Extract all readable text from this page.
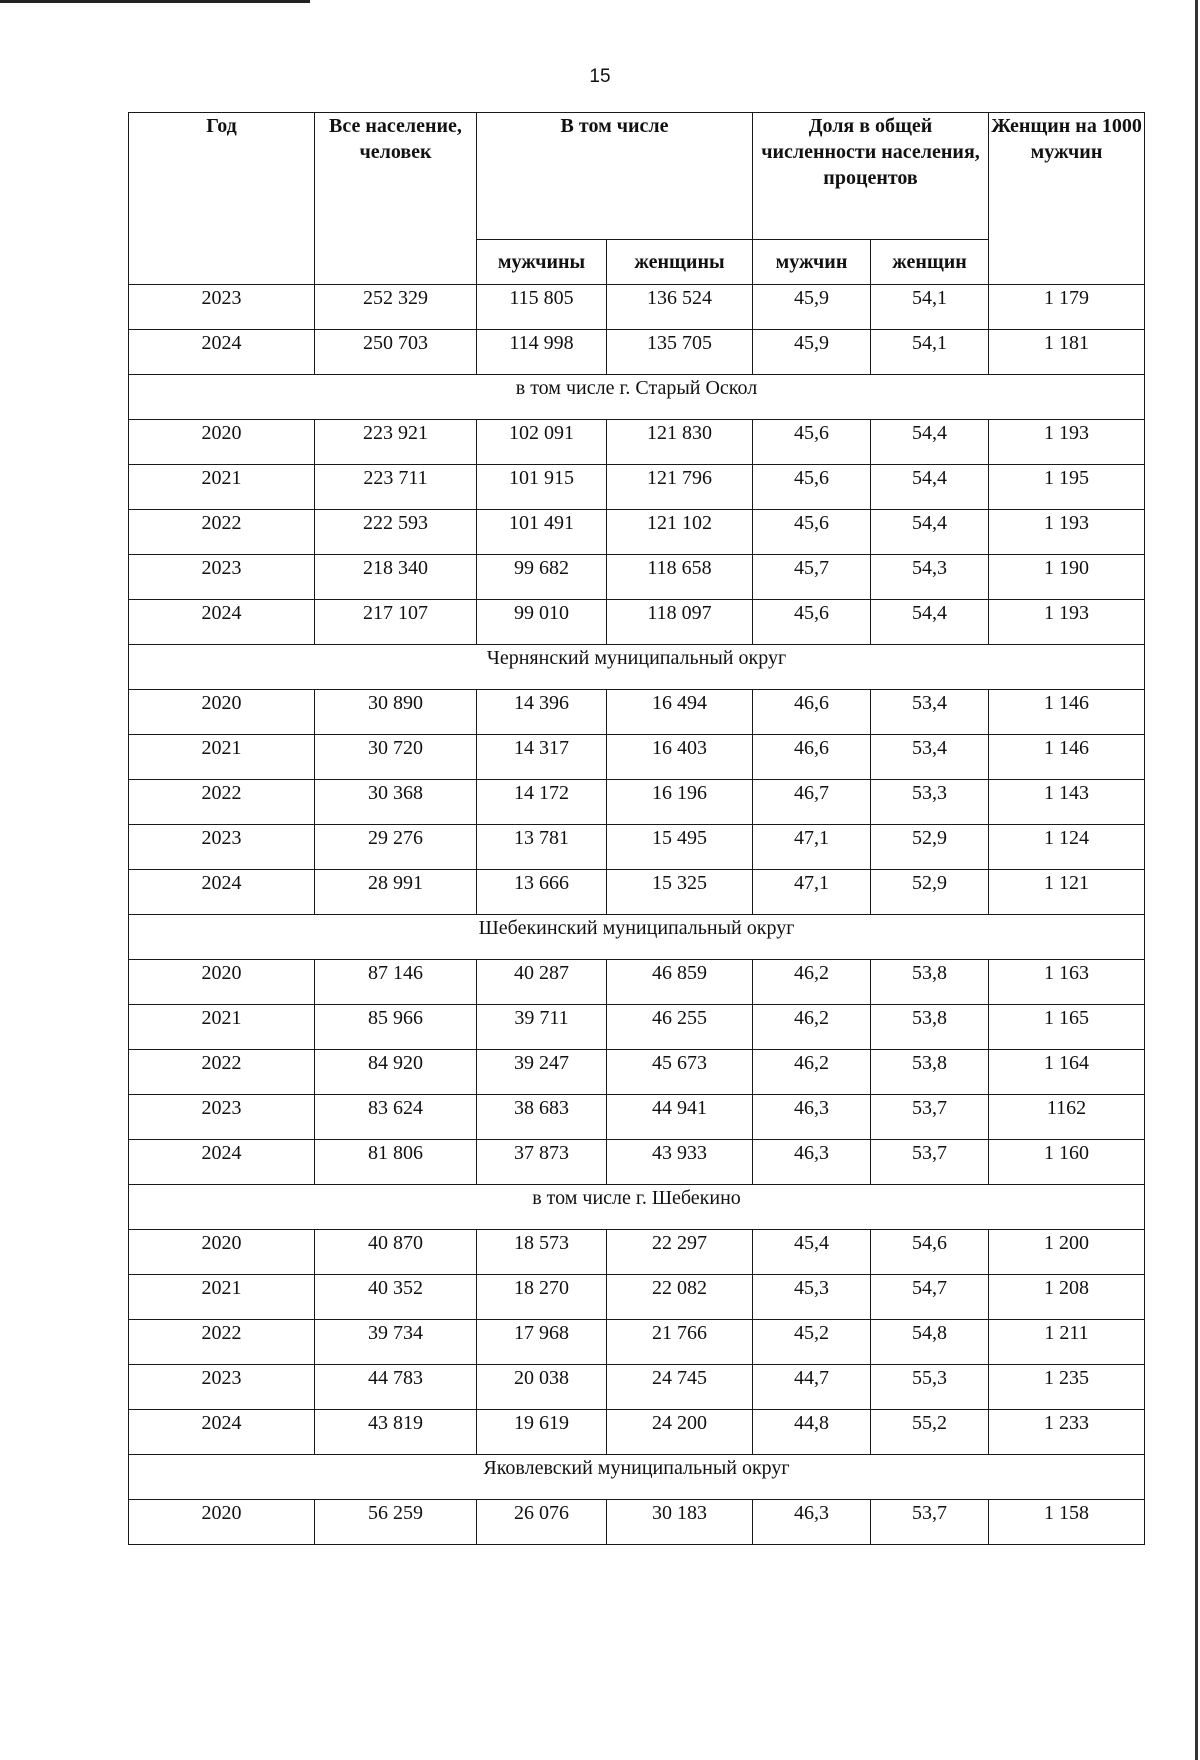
15
Год	Все население, человек	В том числе		Доля в общей численности населения, процентов		Женщин на 1000 мужчин
		мужчины	женщины	мужчин	женщин	
2023	252 329	115 805	136 524	45,9	54,1	1 179
2024	250 703	114 998	135 705	45,9	54,1	1 181
в том числе г. Старый Оскол						
2020	223 921	102 091	121 830	45,6	54,4	1 193
2021	223 711	101 915	121 796	45,6	54,4	1 195
2022	222 593	101 491	121 102	45,6	54,4	1 193
2023	218 340	99 682	118 658	45,7	54,3	1 190
2024	217 107	99 010	118 097	45,6	54,4	1 193
Чернянский муниципальный округ						
2020	30 890	14 396	16 494	46,6	53,4	1 146
2021	30 720	14 317	16 403	46,6	53,4	1 146
2022	30 368	14 172	16 196	46,7	53,3	1 143
2023	29 276	13 781	15 495	47,1	52,9	1 124
2024	28 991	13 666	15 325	47,1	52,9	1 121
Шебекинский муниципальный округ						
2020	87 146	40 287	46 859	46,2	53,8	1 163
2021	85 966	39 711	46 255	46,2	53,8	1 165
2022	84 920	39 247	45 673	46,2	53,8	1 164
2023	83 624	38 683	44 941	46,3	53,7	1162
2024	81 806	37 873	43 933	46,3	53,7	1 160
в том числе г. Шебекино						
2020	40 870	18 573	22 297	45,4	54,6	1 200
2021	40 352	18 270	22 082	45,3	54,7	1 208
2022	39 734	17 968	21 766	45,2	54,8	1 211
2023	44 783	20 038	24 745	44,7	55,3	1 235
2024	43 819	19 619	24 200	44,8	55,2	1 233
Яковлевский муниципальный округ						
2020	56 259	26 076	30 183	46,3	53,7	1 158
